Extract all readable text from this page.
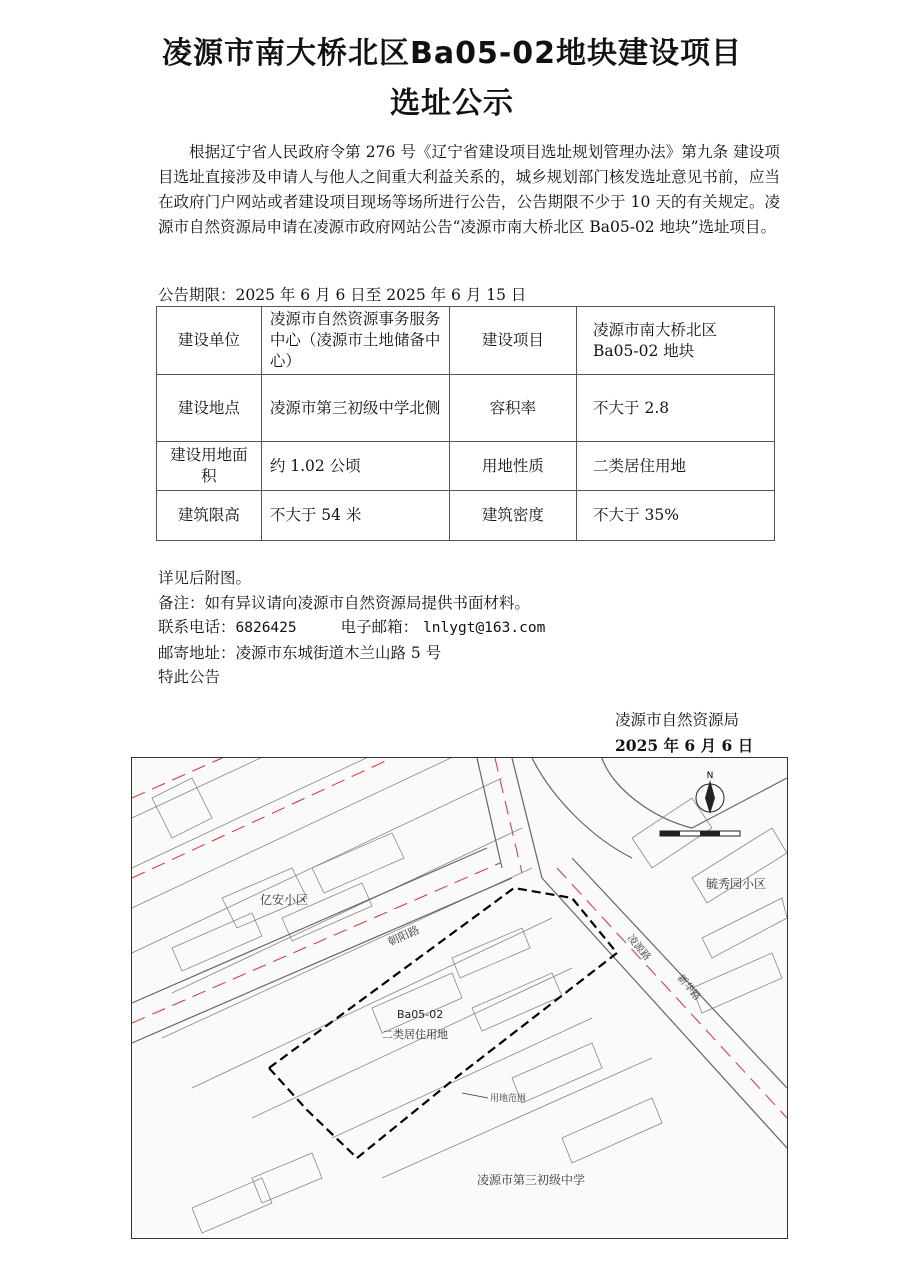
凌源市南大桥北区Ba05-02地块建设项目
选址公示
根据辽宁省人民政府令第 276 号《辽宁省建设项目选址规划管理办法》第九条 建设项目选址直接涉及申请人与他人之间重大利益关系的，城乡规划部门核发选址意见书前，应当在政府门户网站或者建设项目现场等场所进行公告，公告期限不少于 10 天的有关规定。凌源市自然资源局申请在凌源市政府网站公告“凌源市南大桥北区 Ba05-02 地块”选址项目。
公告期限：2025 年 6 月 6 日至 2025 年 6 月 15 日
建设单位	凌源市自然资源事务服务中心（凌源市土地储备中心）	建设项目	凌源市南大桥北区 Ba05-02 地块
建设地点	凌源市第三初级中学北侧	容积率	不大于 2.8
建设用地面积	约 1.02 公顷	用地性质	二类居住用地
建筑限高	不大于 54 米	建筑密度	不大于 35%
详见后附图。
备注：如有异议请向凌源市自然资源局提供书面材料。
联系电话：6826425	电子邮箱： lnlygt@163.com
邮寄地址：凌源市东城街道木兰山路 5 号
特此公告
凌源市自然资源局
2025 年 6 月 6 日
N
亿安小区
毓秀园小区
朝阳路	凌源路
新华路
Ba05-02
二类居住用地
用地范围
凌源市第三初级中学
